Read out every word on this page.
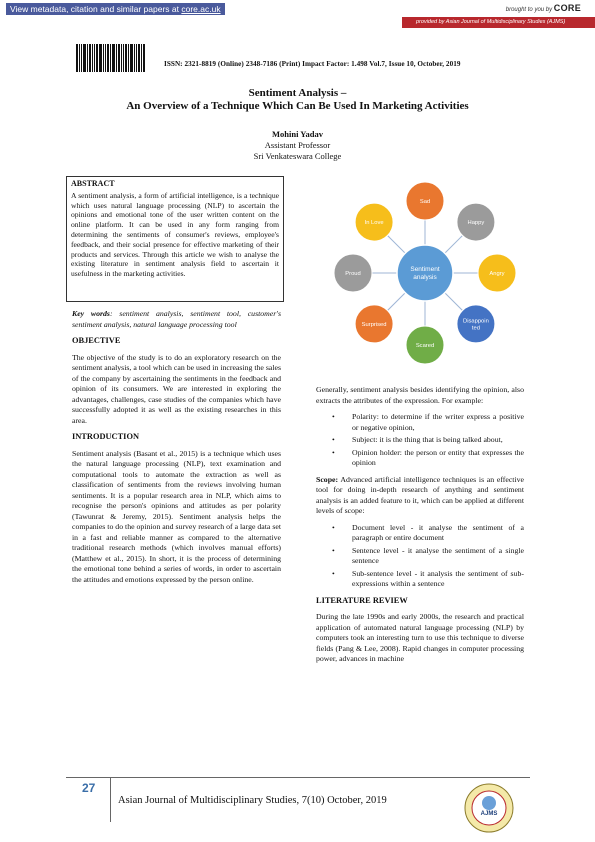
View metadata, citation and similar papers at core.ac.uk	brought to you by CORE
provided by Asian Journal of Multidisciplinary Studies (AJMS)
ISSN: 2321-8819 (Online) 2348-7186 (Print) Impact Factor: 1.498 Vol.7, Issue 10, October, 2019
Sentiment Analysis –
An Overview of a Technique Which Can Be Used In Marketing Activities
Mohini Yadav
Assistant Professor
Sri Venkateswara College
ABSTRACT
A sentiment analysis, a form of artificial intelligence, is a technique which uses natural language processing (NLP) to ascertain the opinions and emotional tone of the user written content on the online platform. It can be used in any form ranging from determining the sentiments of consumer's reviews, employee's feedback, and their social presence for effective marketing of their products and services. Through this article we wish to analyse the existing literature in sentiment analysis field to ascertain it usefulness in the marketing activities.

Key words: sentiment analysis, sentiment tool, customer's sentiment analysis, natural language processing tool

OBJECTIVE

The objective of the study is to do an exploratory research on the sentiment analysis, a tool which can be used in increasing the sales of the company by ascertaining the sentiments in the feedback and opinion of its consumers. We are interested in exploring the advantages, challenges, case studies of the companies which have successfully adopted it as well as the existing researches in this area.

INTRODUCTION

Sentiment analysis (Basant et al., 2015) is a technique which uses the natural language processing (NLP), text examination and computational tools to automate the extraction as well as classification of sentiments from the reviews involving human sentiments. It is a popular research area in NLP, which aims to recognise the person's opinions and attitudes as per polarity (Tawunrat & Jeremy, 2015). Sentiment analysis helps the companies to do the opinion and survey research of a large data set in a fast and reliable manner as compared to the alternative traditional research methods (which involves manual efforts) (Matthew et al., 2015). In short, it is the process of determining the emotional tone behind a series of words, in order to ascertain the attitudes and emotions expressed by the person online.

Sentiment
analysis
Sad
Happy
Angry
Disappoin
ted
Scared
Surprised
Proud
In Love

Generally, sentiment analysis besides identifying the opinion, also extracts the attributes of the expression. For example:

• Polarity: to determine if the writer express a positive or negative opinion,
• Subject: it is the thing that is being talked about,
• Opinion holder: the person or entity that expresses the opinion

Scope: Advanced artificial intelligence techniques is an effective tool for doing in-depth research of anything and sentiment analysis is an added feature to it, which can be applied at different levels of scope:

• Document level - it analyse the sentiment of a paragraph or entire document
• Sentence level - it analyse the sentiment of a single sentence
• Sub-sentence level - it analysis the sentiment of sub-expressions within a sentence
LITERATURE REVIEW

During the late 1990s and early 2000s, the research and practical application of automated natural language processing (NLP) by computers took an interesting turn to use this technique to diverse fields (Pang & Lee, 2008). Rapid changes in computer processing power, advances in machine

27
Asian Journal of Multidisciplinary Studies, 7(10) October, 2019
AJMS
